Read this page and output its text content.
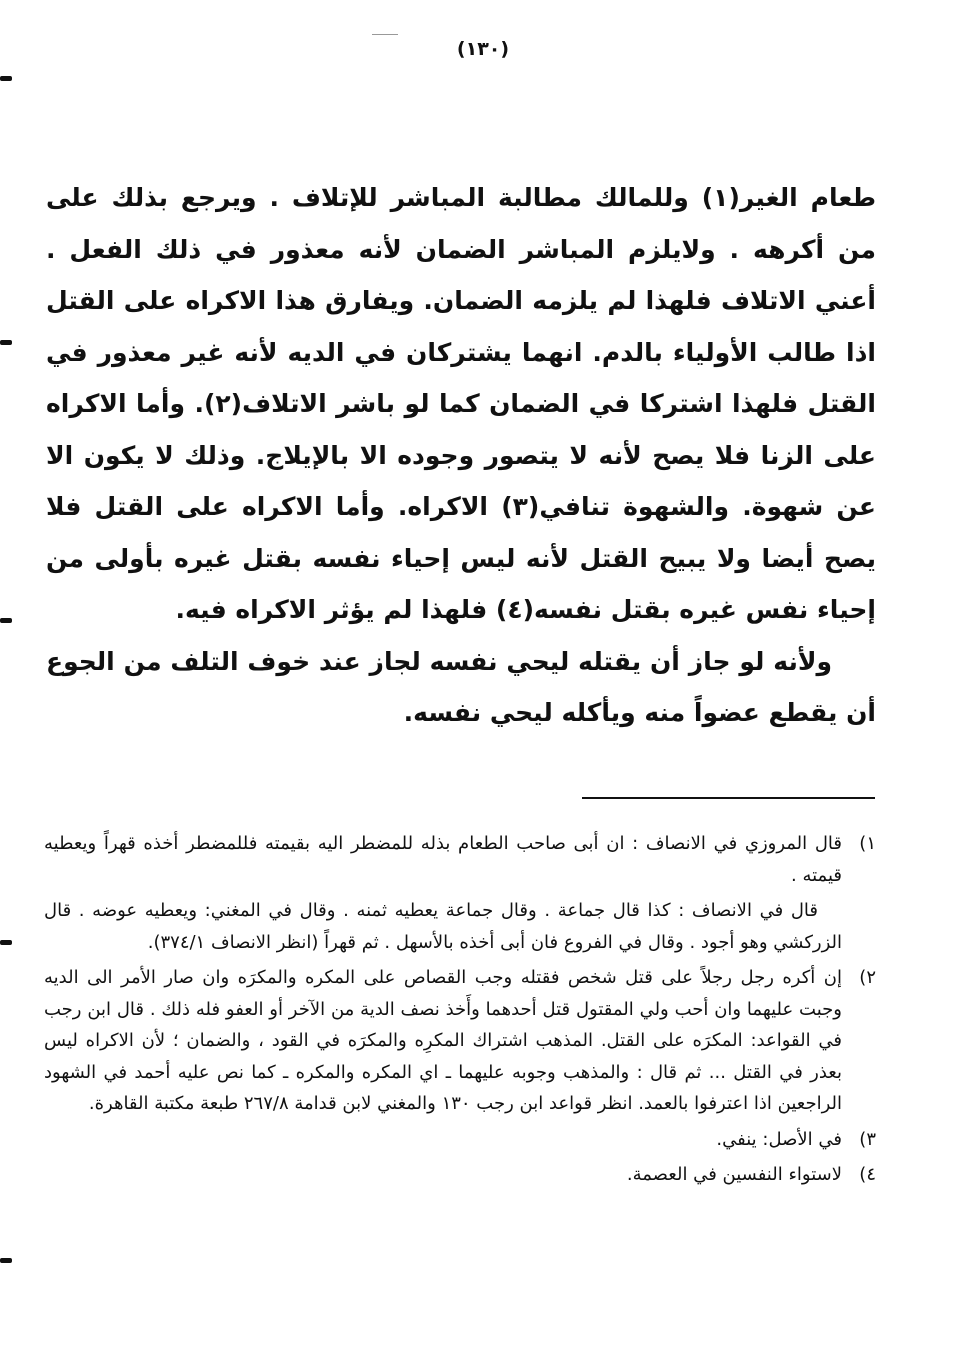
(١٣٠)

طعام الغير(١) وللمالك مطالبة المباشر للإتلاف . ويرجع بذلك على من أكرهه . ولايلزم المباشر الضمان لأنه معذور في ذلك الفعل . أعني الاتلاف فلهذا لم يلزمه الضمان. ويفارق هذا الاكراه على القتل اذا طالب الأولياء بالدم. انهما يشتركان في الديه لأنه غير معذور في القتل فلهذا اشتركا في الضمان كما لو باشر الاتلاف(٢). وأما الاكراه على الزنا فلا يصح لأنه لا يتصور وجوده الا بالإيلاج. وذلك لا يكون الا عن شهوة. والشهوة تنافي(٣) الاكراه. وأما الاكراه على القتل فلا يصح أيضا ولا يبيح القتل لأنه ليس إحياء نفسه بقتل غيره بأولى من إحياء نفس غيره بقتل نفسه(٤) فلهذا لم يؤثر الاكراه فيه.

ولأنه لو جاز أن يقتله ليحي نفسه لجاز عند خوف التلف من الجوع أن يقطع عضواً منه ويأكله ليحي نفسه.

١)
قال المروزي في الانصاف : ان أبى صاحب الطعام بذله للمضطر اليه بقيمته فللمضطر أخذه قهراً ويعطيه قيمته .
قال في الانصاف : كذا قال جماعة . وقال جماعة يعطيه ثمنه . وقال في المغني: ويعطيه عوضه . قال الزركشي وهو أجود . وقال في الفروع فان أبى أخذه بالأسهل . ثم قهراً (انظر الانصاف ٣٧٤/١).
٢)
إن أكره رجل رجلاً على قتل شخص فقتله وجب القصاص على المكره والمكرَه وان صار الأمر الى الديه وجبت عليهما وان أحب ولي المقتول قتل أحدهما وأَخذ نصف الدية من الآخر أو العفو فله ذلك . قال ابن رجب في القواعد: المكرَه على القتل. المذهب اشتراك المكرِه والمكرَه في القود ، والضمان ؛ لأن الاكراه ليس بعذر في القتل ... ثم قال : والمذهب وجوبه عليهما ـ اي المكره والمكره ـ كما نص عليه أحمد في الشهود الراجعين اذا اعترفوا بالعمد. انظر قواعد ابن رجب ١٣٠ والمغني لابن قدامة ٢٦٧/٨ طبعة مكتبة القاهرة.
٣)
في الأصل: ينفي.
٤)
لاستواء النفسين في العصمة.
